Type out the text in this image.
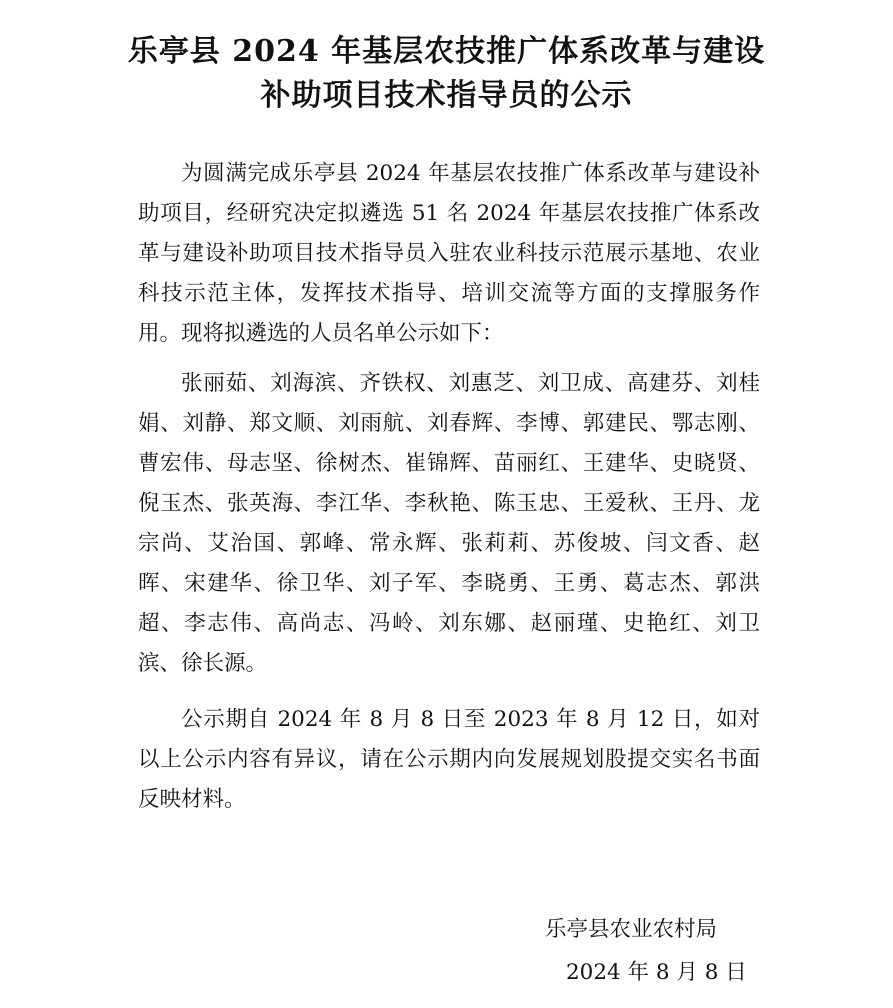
乐亭县 2024 年基层农技推广体系改革与建设
补助项目技术指导员的公示

为圆满完成乐亭县 2024 年基层农技推广体系改革与建设补助项目，经研究决定拟遴选 51 名 2024 年基层农技推广体系改革与建设补助项目技术指导员入驻农业科技示范展示基地、农业科技示范主体，发挥技术指导、培训交流等方面的支撑服务作用。现将拟遴选的人员名单公示如下：

张丽茹、刘海滨、齐铁权、刘惠芝、刘卫成、高建芬、刘桂娟、刘静、郑文顺、刘雨航、刘春辉、李博、郭建民、鄂志刚、曹宏伟、母志坚、徐树杰、崔锦辉、苗丽红、王建华、史晓贤、倪玉杰、张英海、李江华、李秋艳、陈玉忠、王爱秋、王丹、龙宗尚、艾治国、郭峰、常永辉、张莉莉、苏俊坡、闫文香、赵晖、宋建华、徐卫华、刘子军、李晓勇、王勇、葛志杰、郭洪超、李志伟、高尚志、冯岭、刘东娜、赵丽瑾、史艳红、刘卫滨、徐长源。

公示期自 2024 年 8 月 8 日至 2023 年 8 月 12 日，如对以上公示内容有异议，请在公示期内向发展规划股提交实名书面反映材料。

乐亭县农业农村局
2024 年 8 月 8 日
